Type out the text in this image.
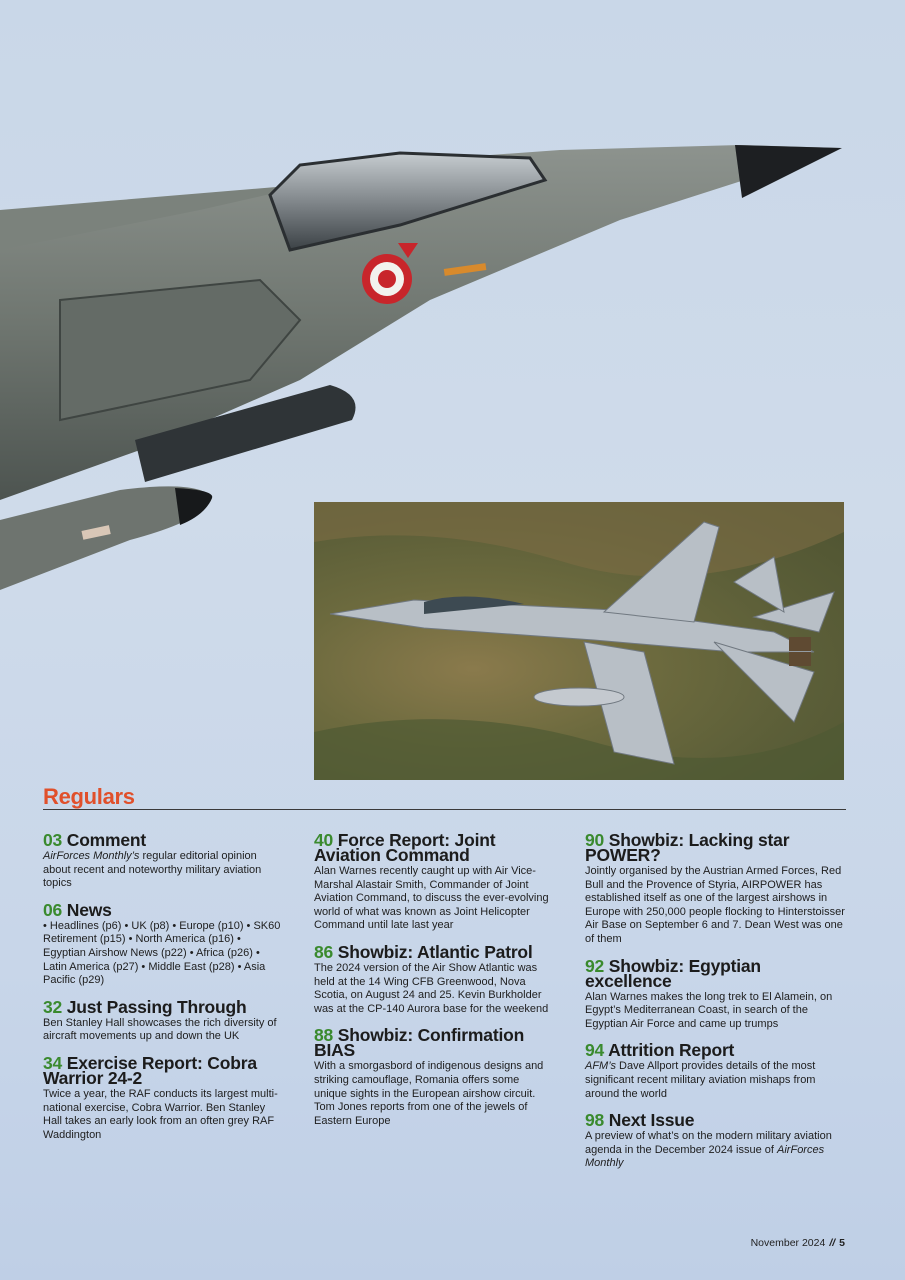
Regulars
03 Comment

AirForces Monthly’s regular editorial opinion about recent and noteworthy military aviation topics

06 News

• Headlines (p6) • UK (p8) • Europe (p10) • SK60 Retirement (p15) • North America (p16) • Egyptian Airshow News (p22) • Africa (p26) • Latin America (p27) • Middle East (p28) • Asia Pacific (p29)

32 Just Passing Through

Ben Stanley Hall showcases the rich diversity of aircraft movements up and down the UK

34 Exercise Report: Cobra Warrior 24-2

Twice a year, the RAF conducts its largest multi-national exercise, Cobra Warrior. Ben Stanley Hall takes an early look from an often grey RAF Waddington

40 Force Report: Joint Aviation Command

Alan Warnes recently caught up with Air Vice-Marshal Alastair Smith, Commander of Joint Aviation Command, to discuss the ever-evolving world of what was known as Joint Helicopter Command until late last year

86 Showbiz: Atlantic Patrol

The 2024 version of the Air Show Atlantic was held at the 14 Wing CFB Greenwood, Nova Scotia, on August 24 and 25. Kevin Burkholder was at the CP-140 Aurora base for the weekend

88 Showbiz: Confirmation BIAS

With a smorgasbord of indigenous designs and striking camouflage, Romania offers some unique sights in the European airshow circuit. Tom Jones reports from one of the jewels of Eastern Europe

90 Showbiz: Lacking star POWER?

Jointly organised by the Austrian Armed Forces, Red Bull and the Provence of Styria, AIRPOWER has established itself as one of the largest airshows in Europe with 250,000 people flocking to Hinterstoisser Air Base on September 6 and 7. Dean West was one of them

92 Showbiz: Egyptian excellence

Alan Warnes makes the long trek to El Alamein, on Egypt’s Mediterranean Coast, in search of the Egyptian Air Force and came up trumps

94 Attrition Report

AFM’s Dave Allport provides details of the most significant recent military aviation mishaps from around the world

98 Next Issue

A preview of what’s on the modern military aviation agenda in the December 2024 issue of AirForces Monthly

November 2024 // 5
